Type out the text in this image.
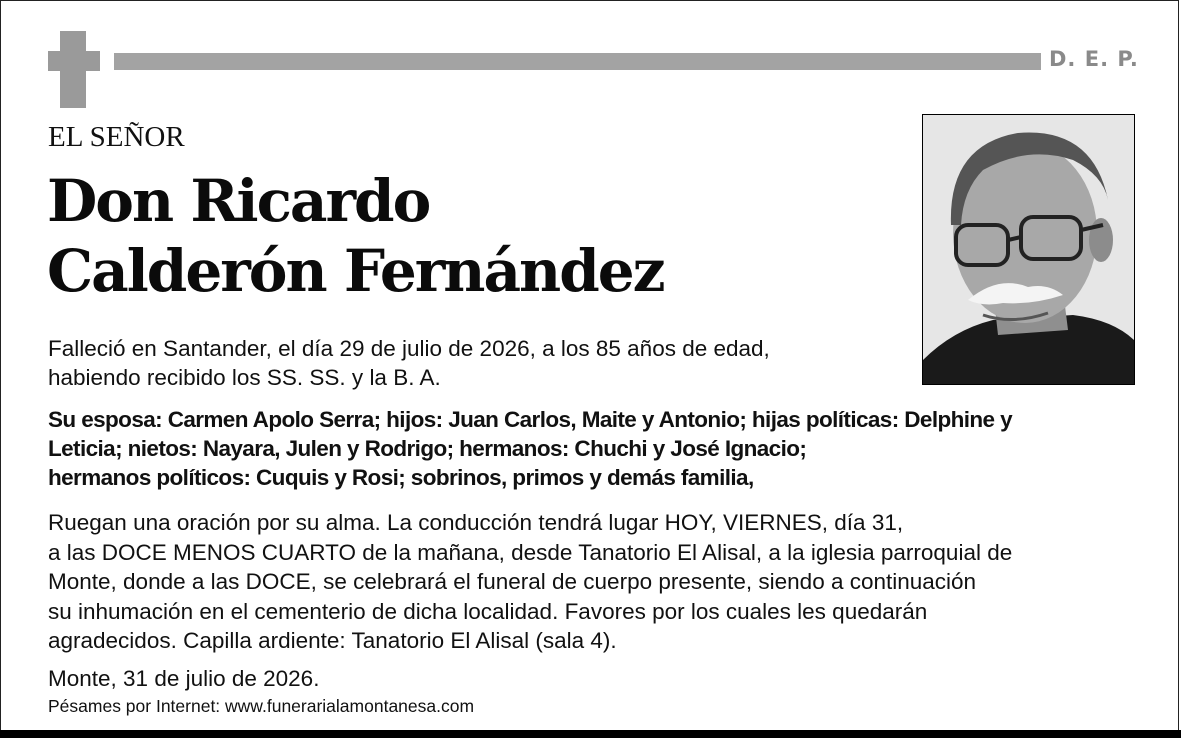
D. E. P.
EL SEÑOR
Don Ricardo
Calderón Fernández
Falleció en Santander, el día 29 de julio de 2026, a los 85 años de edad,
habiendo recibido los SS. SS. y la B. A.
Su esposa: Carmen Apolo Serra; hijos: Juan Carlos, Maite y Antonio; hijas políticas: Delphine y
Leticia; nietos: Nayara, Julen y Rodrigo; hermanos: Chuchi y José Ignacio;
hermanos políticos: Cuquis y Rosi; sobrinos, primos y demás familia,
Ruegan una oración por su alma. La conducción tendrá lugar HOY, VIERNES, día 31,
a las DOCE MENOS CUARTO de la mañana, desde Tanatorio El Alisal, a la iglesia parroquial de
Monte, donde a las DOCE, se celebrará el funeral de cuerpo presente, siendo a continuación
su inhumación en el cementerio de dicha localidad. Favores por los cuales les quedarán
agradecidos. Capilla ardiente: Tanatorio El Alisal (sala 4).
Monte, 31 de julio de 2026.
Pésames por Internet: www.funerarialamontanesa.com
